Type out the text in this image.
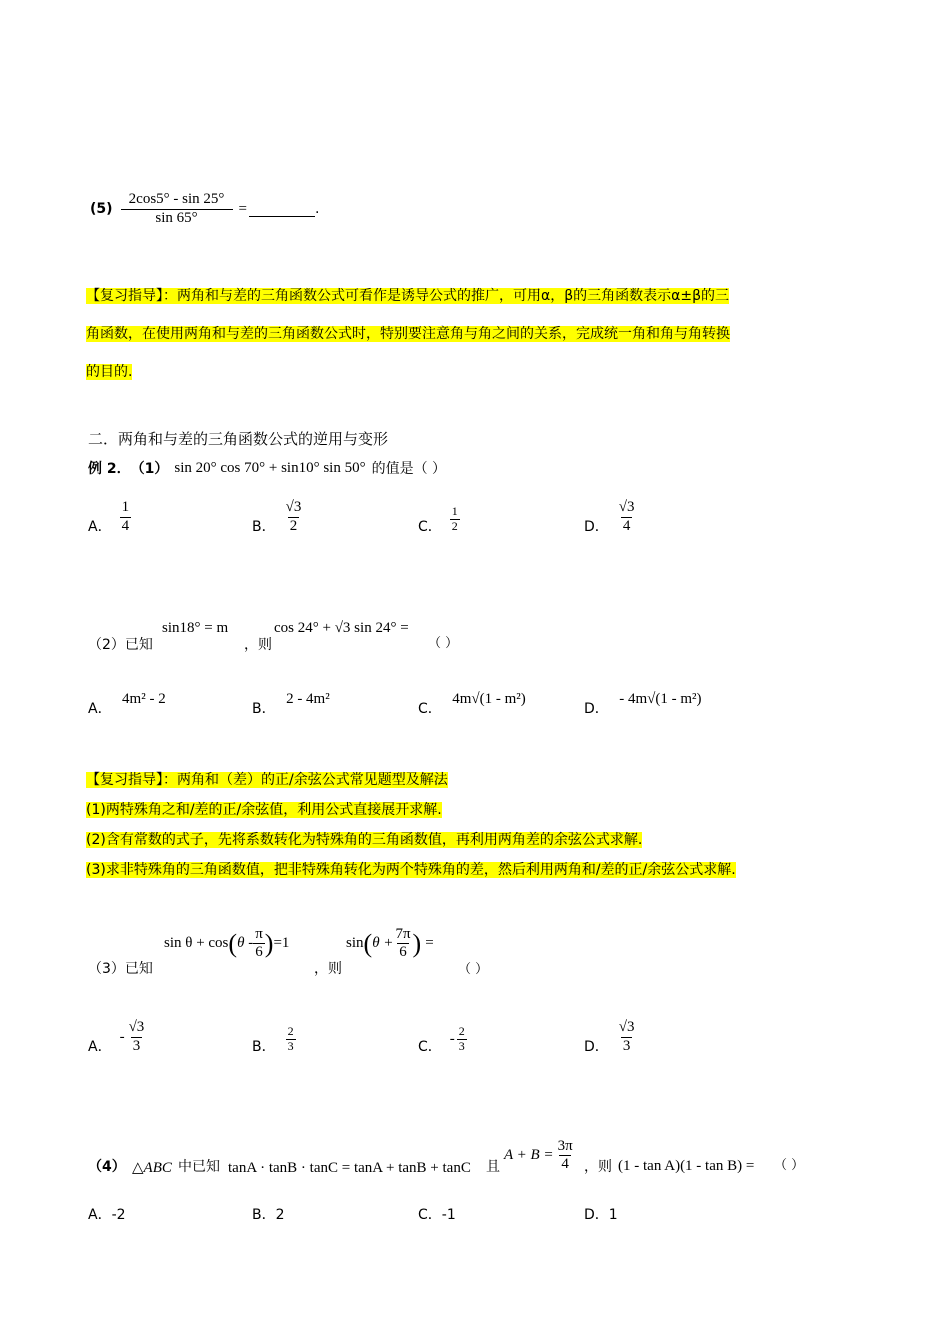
$(5) \frac{2\cos 5^\circ - \sin 25^\circ}{\sin 65^\circ}$ =	.
【复习指导】：两角和与差的三角函数公式可看作是诱导公式的推广，可用α，β的三角函数表示α±β的三
角函数，在使用两角和与差的三角函数公式时，特别要注意角与角之间的关系，完成统一角和角与角转换
的目的.
二．两角和与差的三角函数公式的逆用与变形
例 2． （1） sin 20° cos 70° + sin10° sin 50° 的值是（ ）
A． $\frac{1}{4}$	B． $\frac{√3}{2}$	C． $\frac{1}{2}$	D． $\frac{√3}{4}$
（2）已知
sin18° = m
，则
cos 24° + √3 sin 24° =
（ ）
A． 4m² - 2
B． 2 - 4m²
C． 4m√(1 - m²)
D． - 4m√(1 - m²)
【复习指导】：两角和（差）的正/余弦公式常见题型及解法
(1)两特殊角之和/差的正/余弦值，利用公式直接展开求解.
(2)含有常数的式子，先将系数转化为特殊角的三角函数值，再利用两角差的余弦公式求解.
(3)求非特殊角的三角函数值，把非特殊角转化为两个特殊角的差，然后利用两角和/差的正/余弦公式求解.
（3）已知
sin θ + cos ( θ - $\frac{\pi}{6}$ ) =1
，则
sin ( $\theta + \frac{7\pi}{6}$ ) =
（ ）
A．
- $\frac{√3}{3}$	B． $\frac{2}{3}$	C．
- $\frac{2}{3}$	D． $\frac{√3}{3}$
（4） △ABC 中已知 tanA · tanB · tanC = tanA + tanB + tanC 且
$A + B = \frac{3\pi}{4}$ ，则 (1 - tan A)(1 - tan B) = （ ）
A．-2	B．2	C．-1	D．1
